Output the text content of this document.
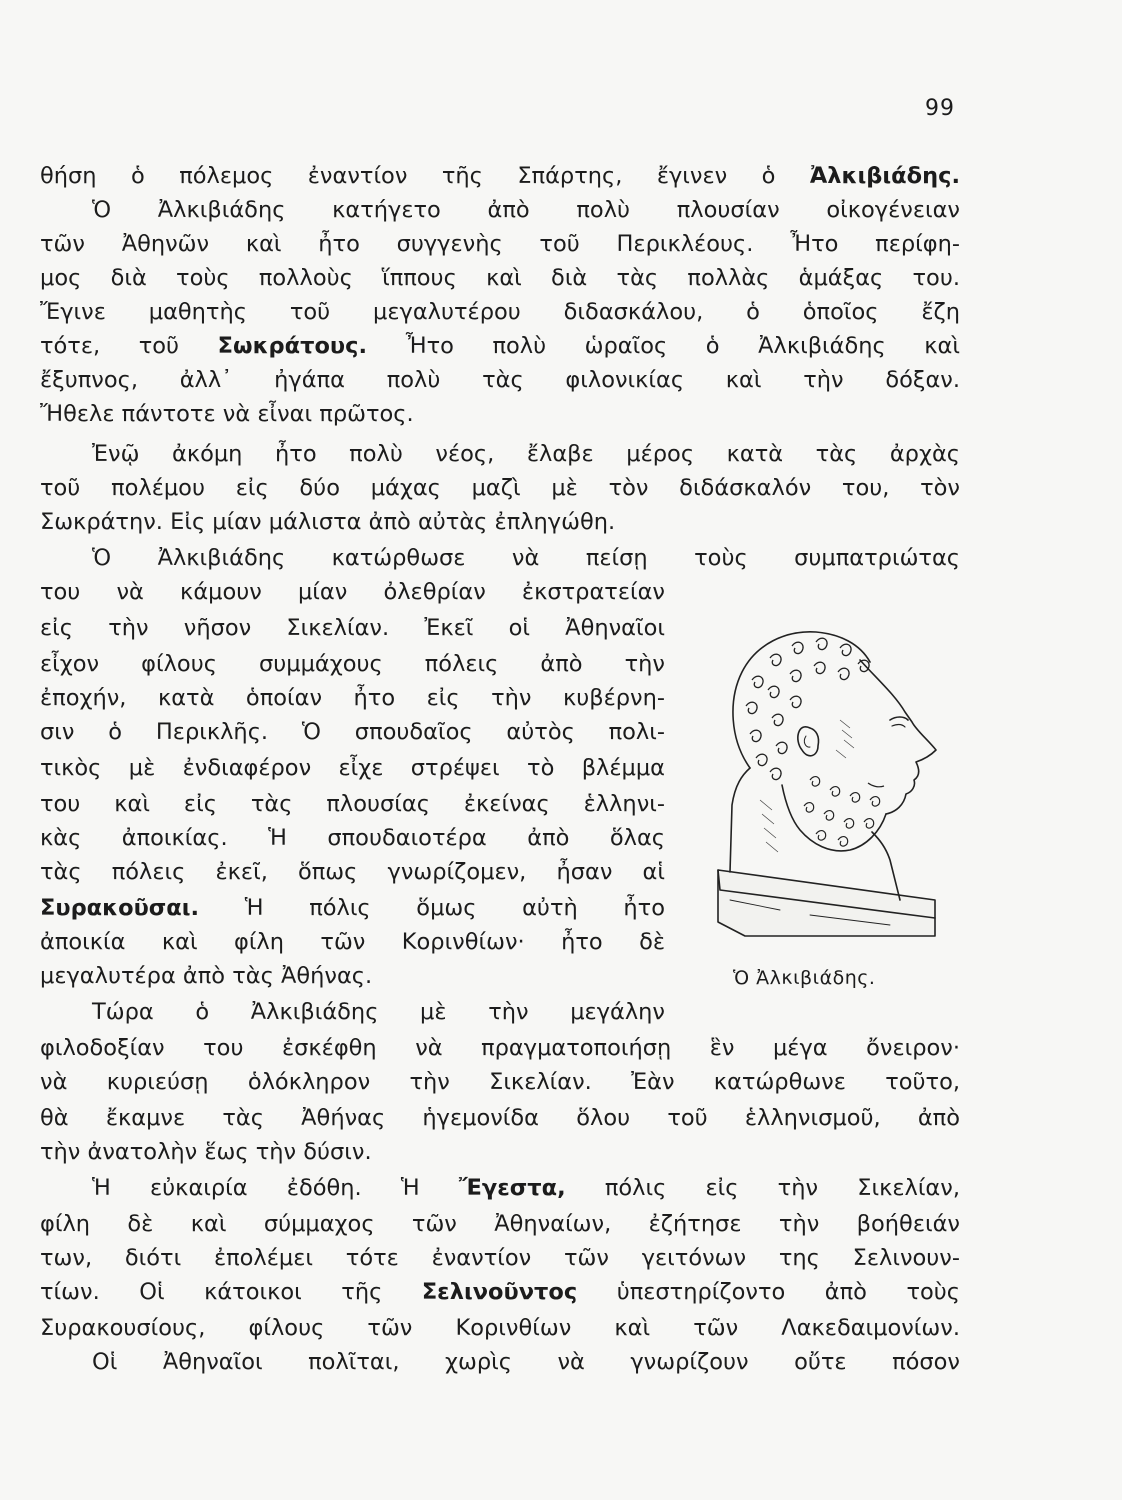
99
θήση ὁ πόλεμος ἐναντίον τῆς Σπάρτης, ἔγινεν ὁ Ἀλκιβιάδης.
Ὁ Ἀλκιβιάδης κατήγετο ἀπὸ πολὺ πλουσίαν οἰκογένειαν
τῶν Ἀθηνῶν καὶ ἦτο συγγενὴς τοῦ Περικλέους. Ἦτο περίφη-
μος διὰ τοὺς πολλοὺς ἵππους καὶ διὰ τὰς πολλὰς ἁμάξας του.
Ἔγινε μαθητὴς τοῦ μεγαλυτέρου διδασκάλου, ὁ ὁποῖος ἔζη
τότε, τοῦ Σωκράτους. Ἦτο πολὺ ὡραῖος ὁ Ἀλκιβιάδης καὶ
ἔξυπνος, ἀλλ᾿ ἠγάπα πολὺ τὰς φιλονικίας καὶ τὴν δόξαν.
Ἤθελε πάντοτε νὰ εἶναι πρῶτος.
Ἐνῷ ἀκόμη ἦτο πολὺ νέος, ἔλαβε μέρος κατὰ τὰς ἀρχὰς
τοῦ πολέμου εἰς δύο μάχας μαζὶ μὲ τὸν διδάσκαλόν του, τὸν
Σωκράτην. Εἰς μίαν μάλιστα ἀπὸ αὐτὰς ἐπληγώθη.
Ὁ Ἀλκιβιάδης κατώρθωσε νὰ πείσῃ τοὺς συμπατριώτας
του νὰ κάμουν μίαν ὀλεθρίαν ἐκστρατείαν
εἰς τὴν νῆσον Σικελίαν. Ἐκεῖ οἱ Ἀθηναῖοι
εἶχον φίλους συμμάχους πόλεις ἀπὸ τὴν
ἐποχήν, κατὰ ὁποίαν ἦτο εἰς τὴν κυβέρνη-
σιν ὁ Περικλῆς. Ὁ σπουδαῖος αὐτὸς πολι-
τικὸς μὲ ἐνδιαφέρον εἶχε στρέψει τὸ βλέμμα
του καὶ εἰς τὰς πλουσίας ἐκείνας ἑλληνι-
κὰς ἀποικίας. Ἡ σπουδαιοτέρα ἀπὸ ὅλας
τὰς πόλεις ἐκεῖ, ὅπως γνωρίζομεν, ἦσαν αἱ
Συρακοῦσαι. Ἡ πόλις ὅμως αὐτὴ ἦτο
ἀποικία καὶ φίλη τῶν Κορινθίων· ἦτο δὲ
μεγαλυτέρα ἀπὸ τὰς Ἀθήνας.
Τώρα ὁ Ἀλκιβιάδης μὲ τὴν μεγάλην
φιλοδοξίαν του ἐσκέφθη νὰ πραγματοποιήσῃ ἓν μέγα ὄνειρον·
νὰ κυριεύσῃ ὁλόκληρον τὴν Σικελίαν. Ἐὰν κατώρθωνε τοῦτο,
θὰ ἔκαμνε τὰς Ἀθήνας ἡγεμονίδα ὅλου τοῦ ἑλληνισμοῦ, ἀπὸ
τὴν ἀνατολὴν ἕως τὴν δύσιν.
Ἡ εὐκαιρία ἐδόθη. Ἡ Ἔγεστα, πόλις εἰς τὴν Σικελίαν,
φίλη δὲ καὶ σύμμαχος τῶν Ἀθηναίων, ἐζήτησε τὴν βοήθειάν
των, διότι ἐπολέμει τότε ἐναντίον τῶν γειτόνων της Σελινουν-
τίων. Οἱ κάτοικοι τῆς Σελινοῦντος ὑπεστηρίζοντο ἀπὸ τοὺς
Συρακουσίους, φίλους τῶν Κορινθίων καὶ τῶν Λακεδαιμονίων.
Οἱ Ἀθηναῖοι πολῖται, χωρὶς νὰ γνωρίζουν οὔτε πόσον
Ὁ Ἀλκιβιάδης.
